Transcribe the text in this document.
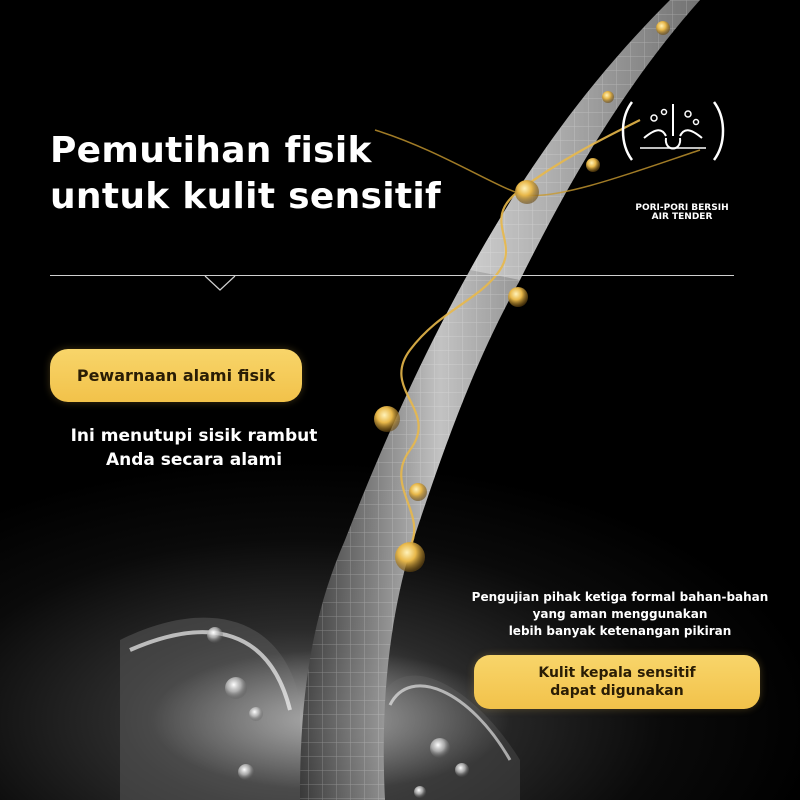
Pemutihan fisik
untuk kulit sensitif
Pewarnaan alami fisik
Ini menutupi sisik rambut
Anda secara alami
PORI-PORI BERSIH
AIR TENDER
Pengujian pihak ketiga formal bahan-bahan
yang aman menggunakan
lebih banyak ketenangan pikiran
Kulit kepala sensitif
dapat digunakan
